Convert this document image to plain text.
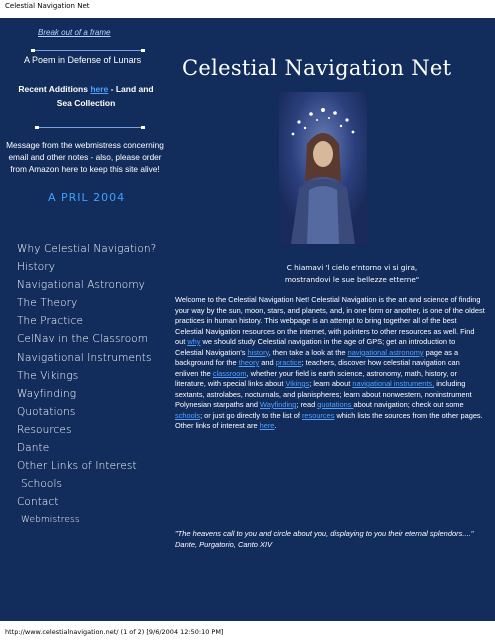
Celestial Navigation Net
Break out of a frame
A Poem in Defense of Lunars
Recent Additions here - Land and Sea Collection
Message from the webmistress concerning email and other notes - also, please order from Amazon here to keep this site alive!
A PRIL 2004
Why Celestial Navigation?
History
Navigational Astronomy
The Theory
The Practice
CelNav in the Classroom
Navigational Instruments
The Vikings
Wayfinding
Quotations
Resources
Dante
Other Links of Interest
Schools
Contact
Webmistress
Celestial Navigation Net
C hiamavi 'l cielo e'ntorno vi si gira,
mostrandovi le sue bellezze etterne"
Welcome to the Celestial Navigation Net! Celestial Navigation is the art and science of finding your way by the sun, moon, stars, and planets, and, in one form or another, is one of the oldest practices in human history. This webpage is an attempt to bring together all of the best Celestial Navigation resources on the internet, with pointers to other resources as well. Find out why we should study Celestial navigation in the age of GPS; get an introduction to Celestial Navigation's history, then take a look at the navigational astronomy page as a background for the theory and practice; teachers, discover how celestial navigation can enliven the classroom, whether your field is earth science, astronomy, math, history, or literature, with special links about Vikings; learn about navigational instruments, including sextants, astrolabes, nocturnals, and planispheres; learn about nonwestern, noninstrument Polynesian starpaths and Wayfinding; read quotations about navigation; check out some schools; or just go directly to the list of resources which lists the sources from the other pages. Other links of interest are here.
"The heavens call to you and circle about you, displaying to you their eternal splendors...." Dante, Purgatorio, Canto XIV
http://www.celestialnavigation.net/ (1 of 2) [9/6/2004 12:50:10 PM]
